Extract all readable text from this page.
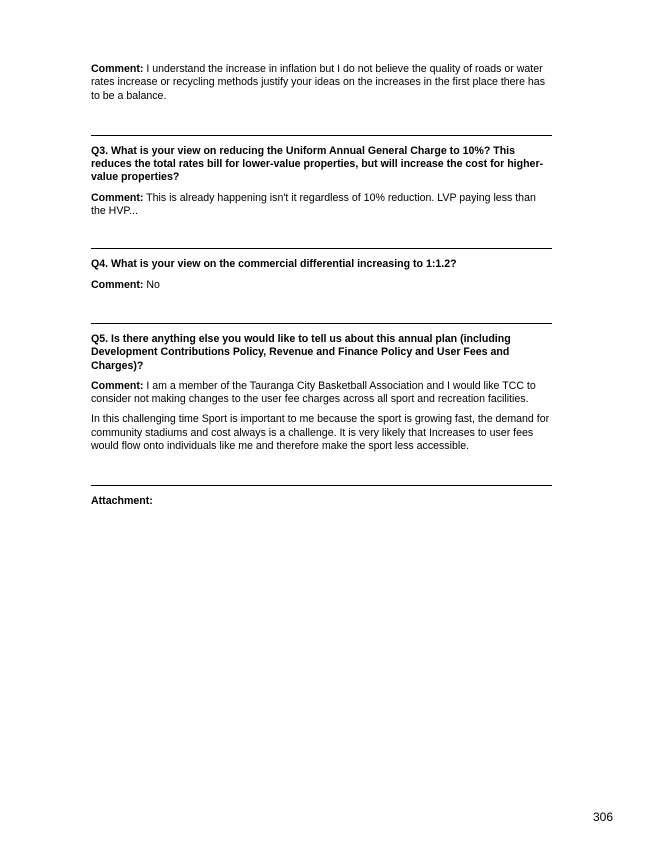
Comment: I understand the increase in inflation but I do not believe the quality of roads or water rates increase or recycling methods justify your ideas on the increases in the first place there has to be a balance.

Q3. What is your view on reducing the Uniform Annual General Charge to 10%? This reduces the total rates bill for lower-value properties, but will increase the cost for higher-value properties?

Comment: This is already happening isn't it regardless of 10% reduction. LVP paying less than the HVP...

Q4. What is your view on the commercial differential increasing to 1:1.2?

Comment: No

Q5. Is there anything else you would like to tell us about this annual plan (including Development Contributions Policy, Revenue and Finance Policy and User Fees and Charges)?

Comment: I am a member of the Tauranga City Basketball Association and I would like TCC to consider not making changes to the user fee charges across all sport and recreation facilities.

In this challenging time Sport is important to me because the sport is growing fast, the demand for community stadiums and cost always is a challenge. It is very likely that Increases to user fees would flow onto individuals like me and therefore make the sport less accessible.

Attachment:

306
